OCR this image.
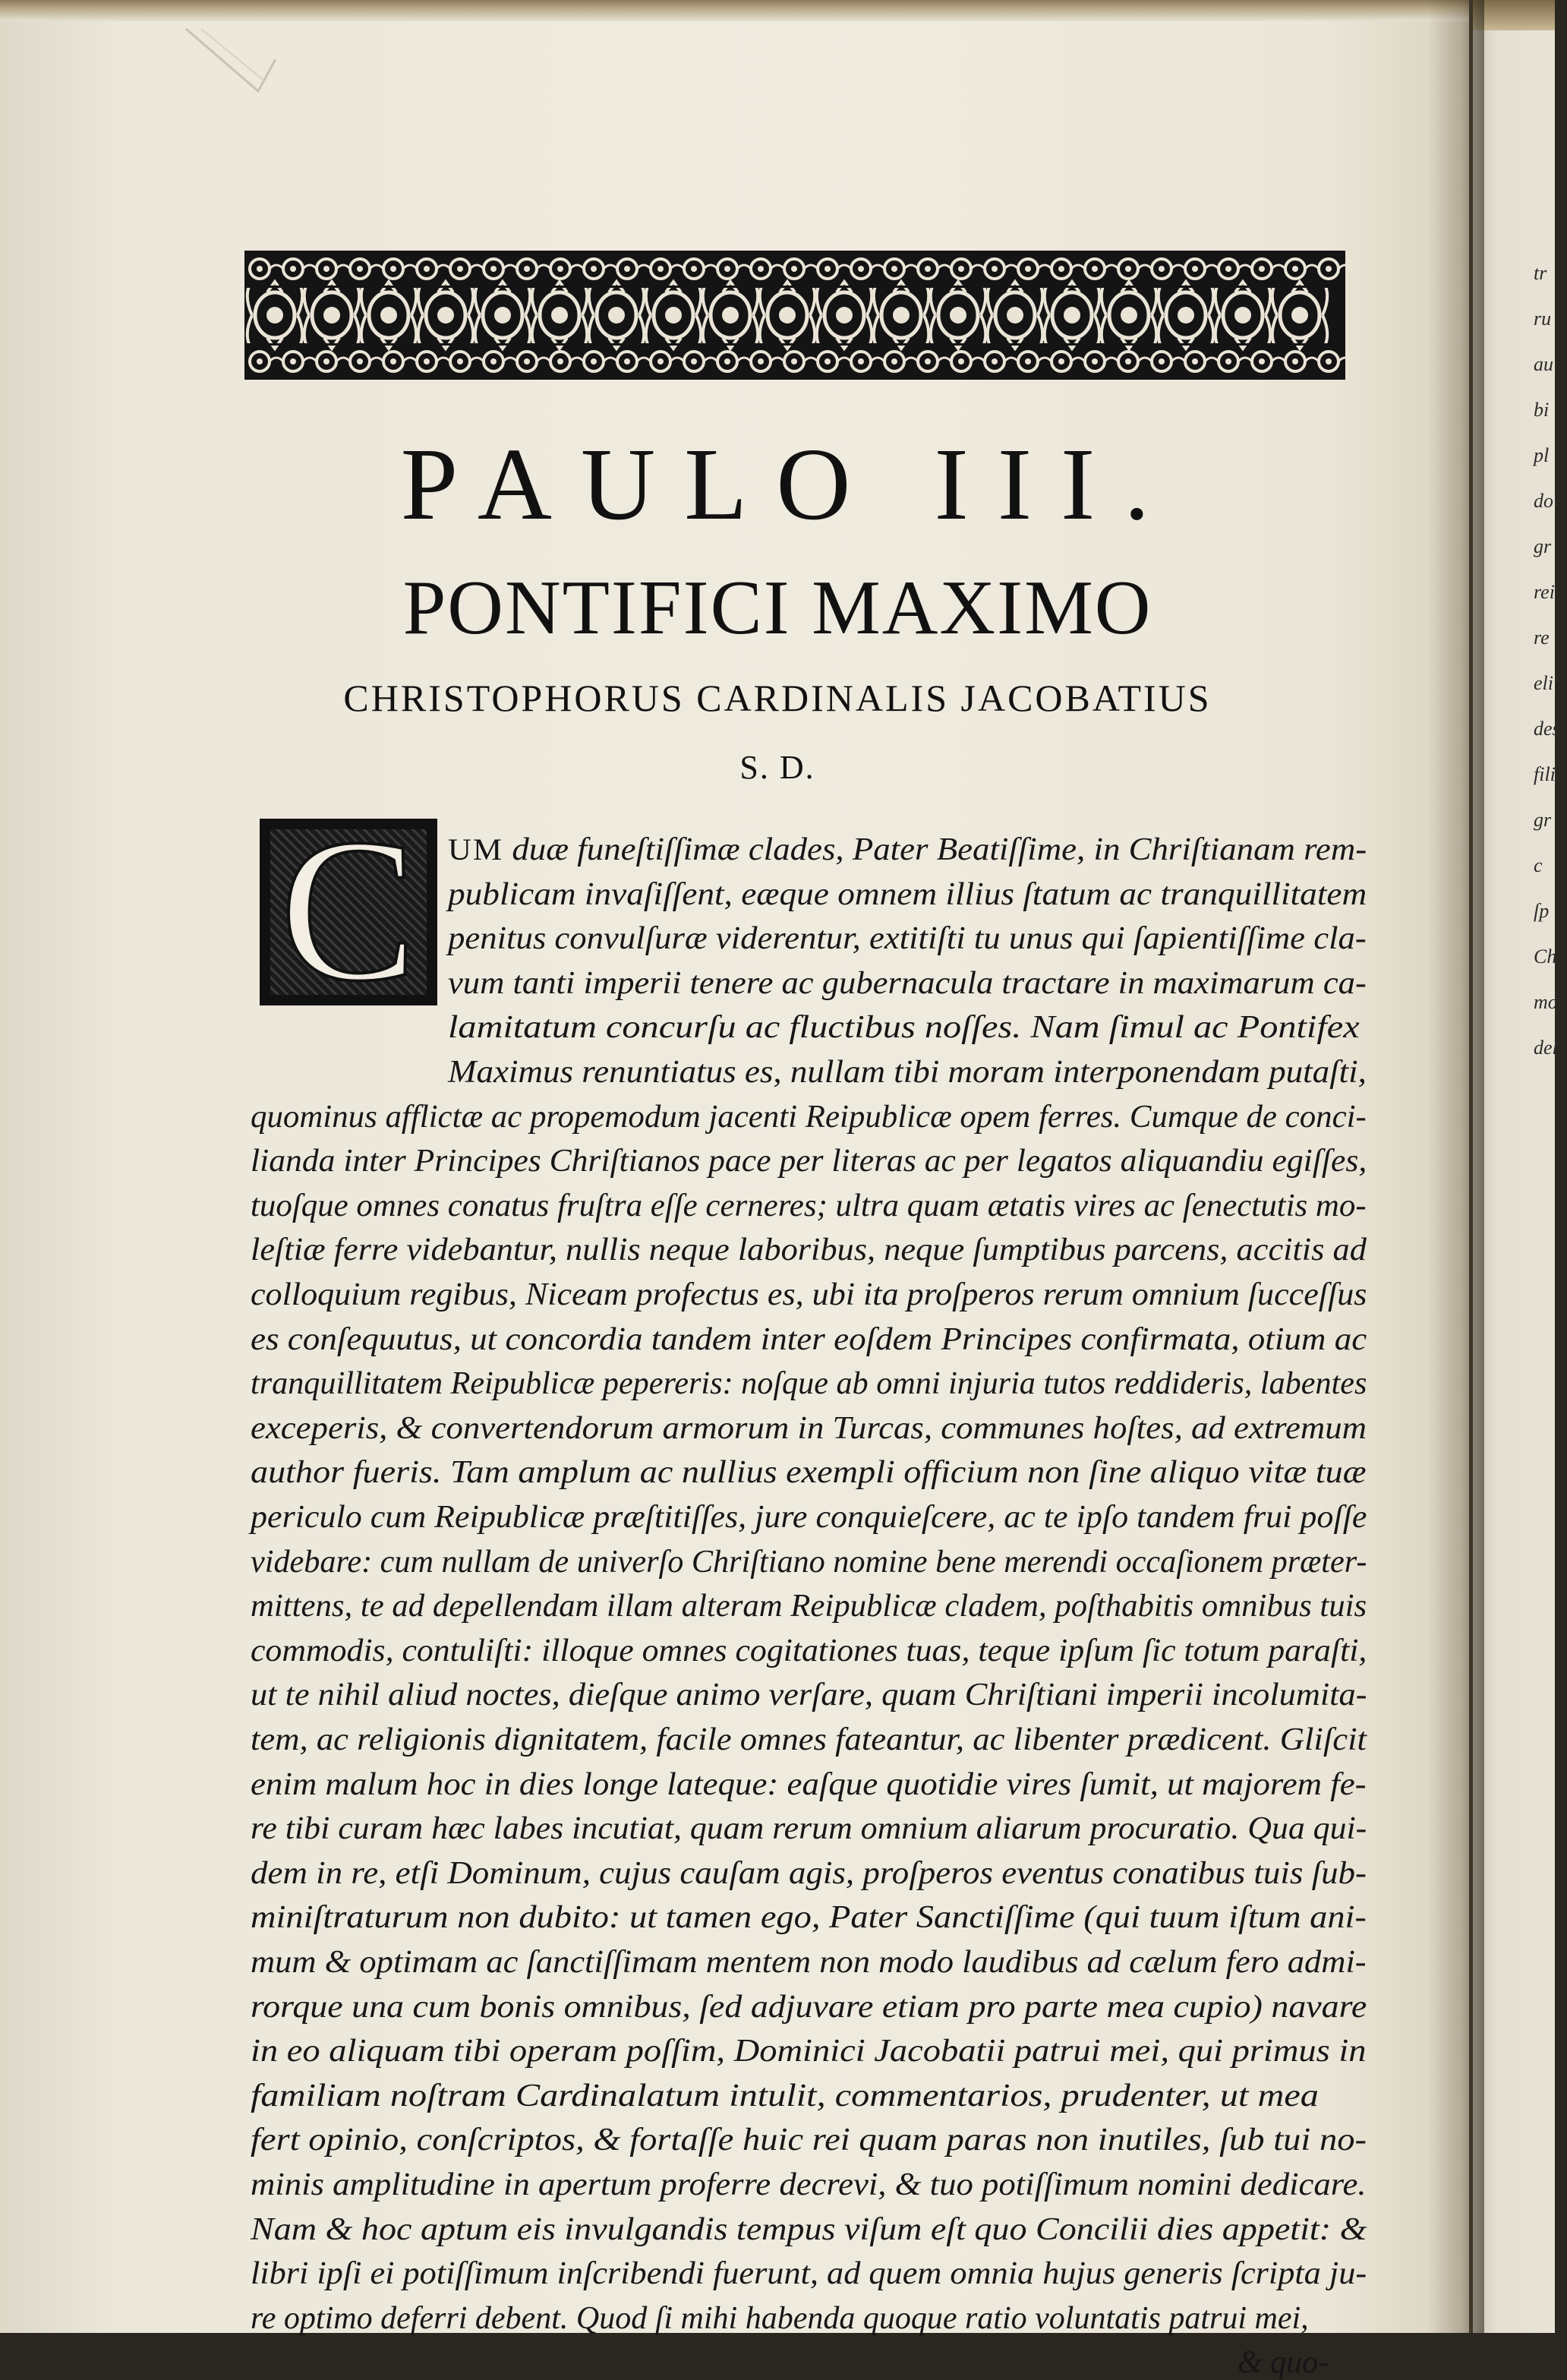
tr
ru
au
bi
pl
do
gr
rei
re
eli
des
fili
gr
c
ſp
Ch
mo
del
PAULO III.
PONTIFICI MAXIMO
CHRISTOPHORUS CARDINALIS JACOBATIUS
S. D.
C	UM duæ funeſtiſſimæ clades, Pater Beatiſſime, in Chriſtianam rem-
publicam invaſiſſent, eæque omnem illius ſtatum ac tranquillitatem
penitus convulſuræ viderentur, extitiſti tu unus qui ſapientiſſime cla-
vum tanti imperii tenere ac gubernacula tractare in maximarum ca-
lamitatum concurſu ac fluctibus noſſes. Nam ſimul ac Pontifex
Maximus renuntiatus es, nullam tibi moram interponendam putaſti,
quominus afflictæ ac propemodum jacenti Reipublicæ opem ferres. Cumque de conci-
lianda inter Principes Chriſtianos pace per literas ac per legatos aliquandiu egiſſes,
tuoſque omnes conatus fruſtra eſſe cerneres; ultra quam ætatis vires ac ſenectutis mo-
leſtiæ ferre videbantur, nullis neque laboribus, neque ſumptibus parcens, accitis ad
colloquium regibus, Niceam profectus es, ubi ita proſperos rerum omnium ſucceſſus
es conſequutus, ut concordia tandem inter eoſdem Principes confirmata, otium ac
tranquillitatem Reipublicæ pepereris: noſque ab omni injuria tutos reddideris, labentes
exceperis, & convertendorum armorum in Turcas, communes hoſtes, ad extremum
author fueris. Tam amplum ac nullius exempli officium non ſine aliquo vitæ tuæ
periculo cum Reipublicæ præſtitiſſes, jure conquieſcere, ac te ipſo tandem frui poſſe
videbare: cum nullam de univerſo Chriſtiano nomine bene merendi occaſionem præter-
mittens, te ad depellendam illam alteram Reipublicæ cladem, poſthabitis omnibus tuis
commodis, contuliſti: illoque omnes cogitationes tuas, teque ipſum ſic totum paraſti,
ut te nihil aliud noctes, dieſque animo verſare, quam Chriſtiani imperii incolumita-
tem, ac religionis dignitatem, facile omnes fateantur, ac libenter prædicent. Gliſcit
enim malum hoc in dies longe lateque: eaſque quotidie vires ſumit, ut majorem fe-
re tibi curam hæc labes incutiat, quam rerum omnium aliarum procuratio. Qua qui-
dem in re, etſi Dominum, cujus cauſam agis, proſperos eventus conatibus tuis ſub-
miniſtraturum non dubito: ut tamen ego, Pater Sanctiſſime (qui tuum iſtum ani-
mum & optimam ac ſanctiſſimam mentem non modo laudibus ad cælum fero admi-
rorque una cum bonis omnibus, ſed adjuvare etiam pro parte mea cupio) navare
in eo aliquam tibi operam poſſim, Dominici Jacobatii patrui mei, qui primus in
familiam noſtram Cardinalatum intulit, commentarios, prudenter, ut mea
fert opinio, conſcriptos, & fortaſſe huic rei quam paras non inutiles, ſub tui no-
minis amplitudine in apertum proferre decrevi, & tuo potiſſimum nomini dedicare.
Nam & hoc aptum eis invulgandis tempus viſum eſt quo Concilii dies appetit: &
libri ipſi ei potiſſimum inſcribendi fuerunt, ad quem omnia hujus generis ſcripta ju-
re optimo deferri debent. Quod ſi mihi habenda quoque ratio voluntatis patrui mei,
& quo-
